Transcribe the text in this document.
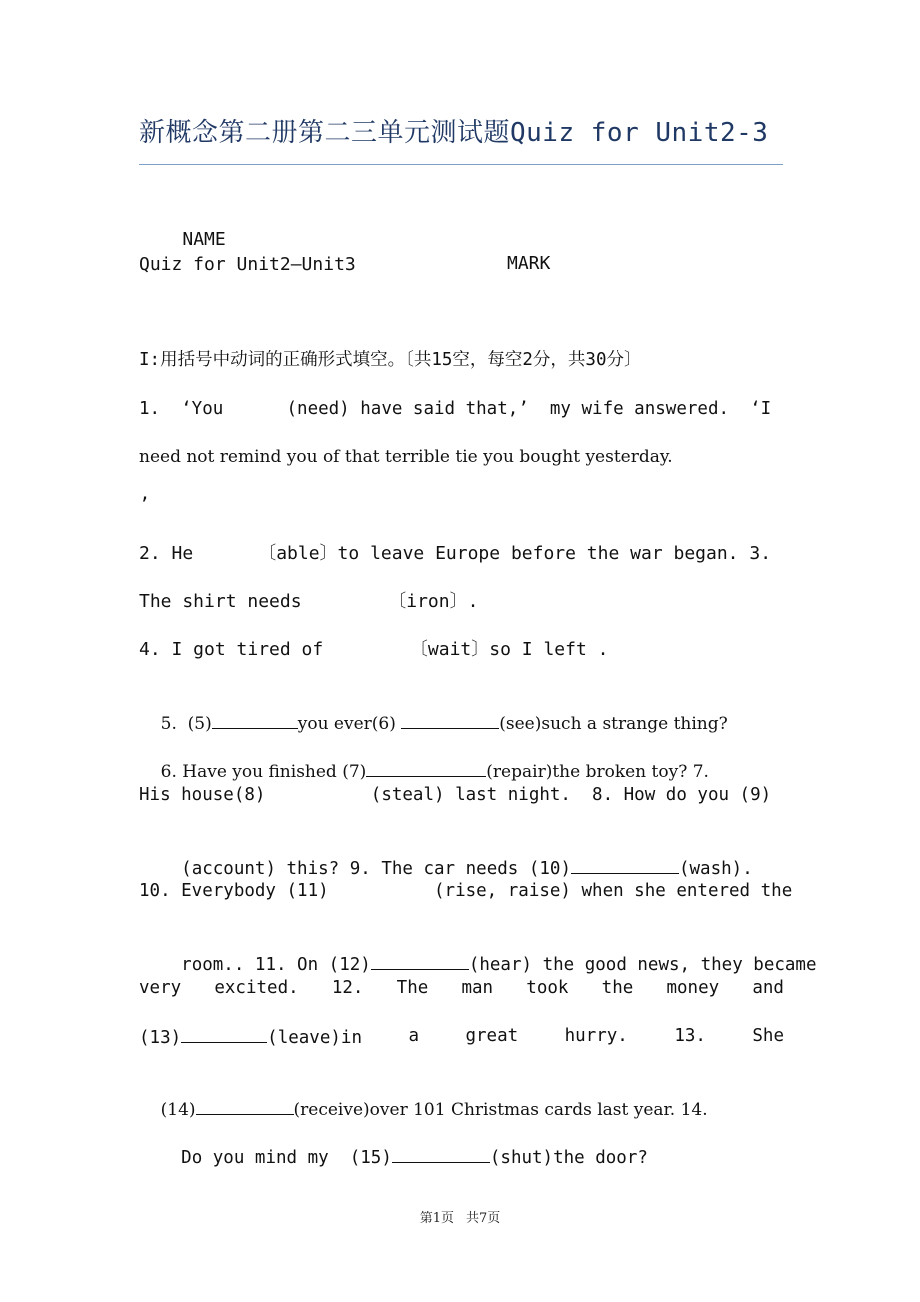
新概念第二册第二三单元测试题Quiz for Unit2-3

NAME

MARK

Quiz for Unit2—Unit3
I:用括号中动词的正确形式填空。〔共15空，每空2分，共30分〕
1.  ‘You      (need) have said that,’  my wife answered.  ‘I
need not remind you of that terrible tie you bought yesterday.
’
2. He      〔able〕to leave Europe before the war began. 3.
The shirt needs        〔iron〕.
4. I got tired of        〔wait〕so I left .

5.  (5)	you ever(6)	(see)such a strange thing?

6. Have you finished (7)	(repair)the broken toy? 7.

His house(8)          (steal) last night.  8. How do you (9)

(account) this? 9. The car needs (10)	(wash).

10. Everybody (11)          (rise, raise) when she entered the

room.. 11. On (12)	(hear) the good news, they became

very excited. 12. The man took the money and
(13)	(leave)in	a	great	hurry.	13.	She

(14)	(receive)over 101 Christmas cards last year. 14.

Do you mind my  (15)	(shut)the door?

第1页 共7页
